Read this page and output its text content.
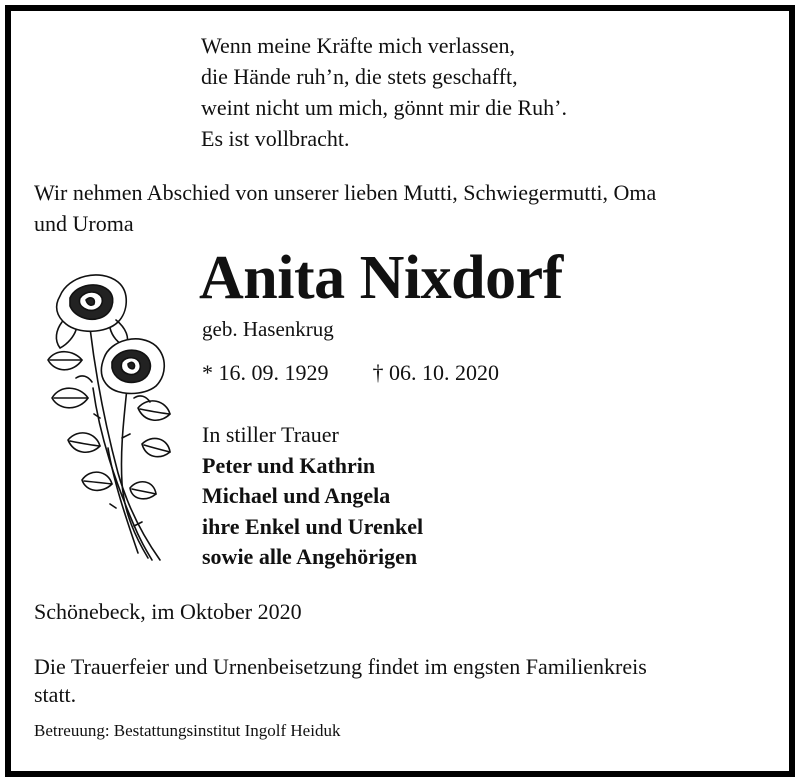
Wenn meine Kräfte mich verlassen,
die Hände ruh’n, die stets geschafft,
weint nicht um mich, gönnt mir die Ruh’.
Es ist vollbracht.
Wir nehmen Abschied von unserer lieben Mutti, Schwiegermutti, Oma
und Uroma
Anita Nixdorf
geb. Hasenkrug
* 16. 09. 1929 † 06. 10. 2020
In stiller Trauer
Peter und Kathrin
Michael und Angela
ihre Enkel und Urenkel
sowie alle Angehörigen
Schönebeck, im Oktober 2020
Die Trauerfeier und Urnenbeisetzung findet im engsten Familienkreis
statt.
Betreuung: Bestattungsinstitut Ingolf Heiduk
